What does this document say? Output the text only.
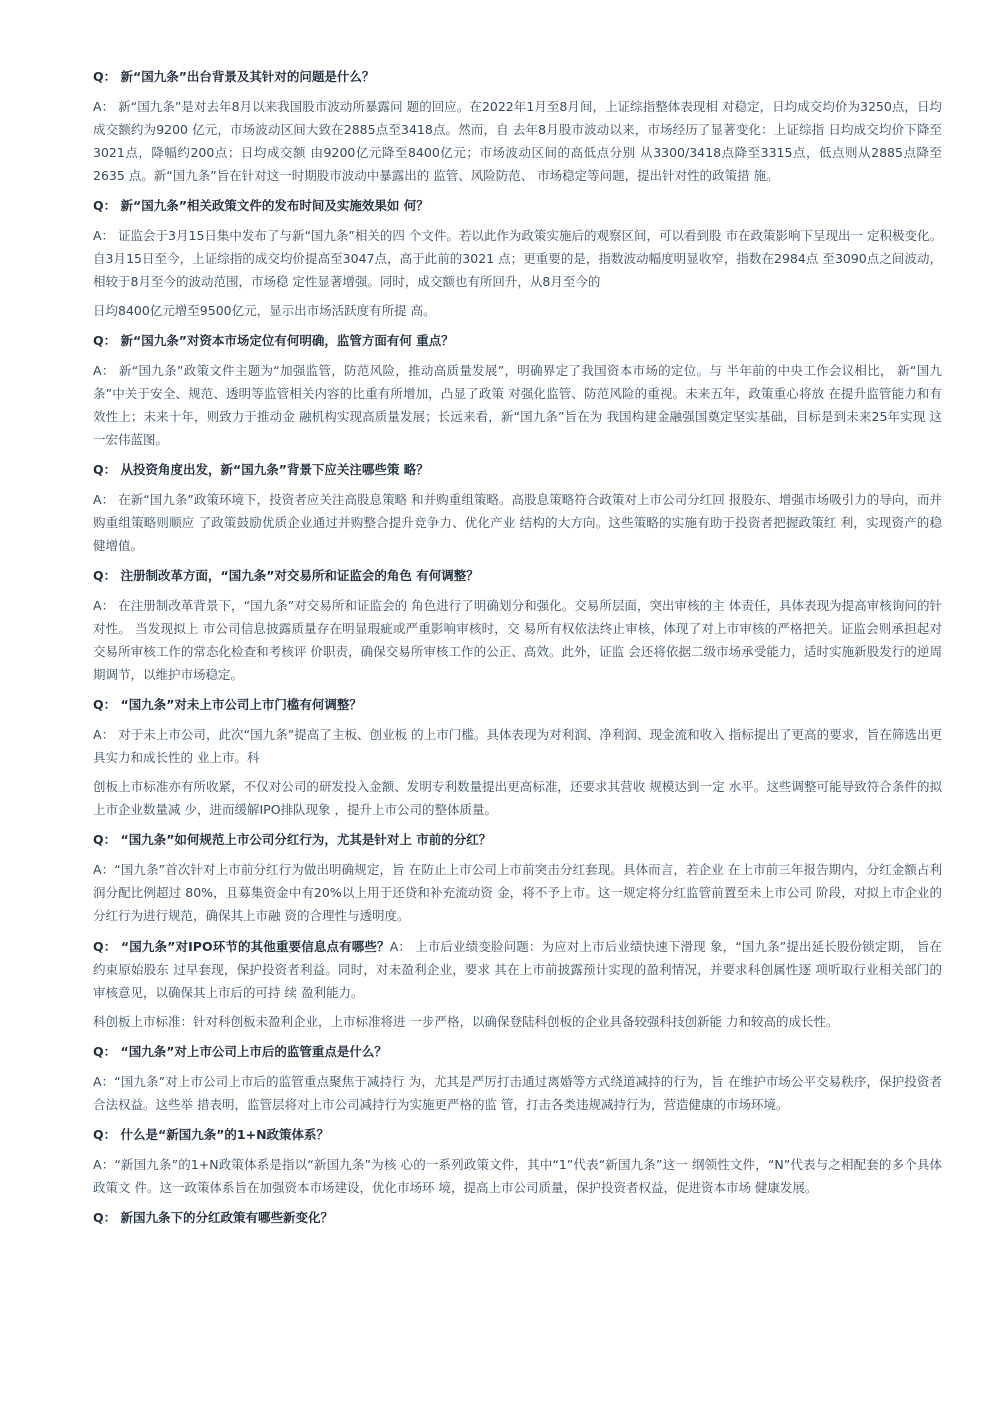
Q： 新“国九条”出台背景及其针对的问题是什么？
A： 新“国九条”是对去年8月以来我国股市波动所暴露问 题的回应。在2022年1月至8月间，上证综指整体表现相 对稳定，日均成交均价为3250点，日均成交额约为9200 亿元，市场波动区间大致在2885点至3418点。然而，自 去年8月股市波动以来，市场经历了显著变化：上证综指 日均成交均价下降至3021点，降幅约200点；日均成交额 由9200亿元降至8400亿元；市场波动区间的高低点分别 从3300/3418点降至3315点，低点则从2885点降至2635 点。新“国九条”旨在针对这一时期股市波动中暴露出的 监管、风险防范、 市场稳定等问题，提出针对性的政策措 施。
Q： 新“国九条”相关政策文件的发布时间及实施效果如 何？
A： 证监会于3月15日集中发布了与新“国九条”相关的四 个文件。若以此作为政策实施后的观察区间，可以看到股 市在政策影响下呈现出一 定积极变化。自3月15日至今，上证综指的成交均价提高至3047点，高于此前的3021 点；更重要的是，指数波动幅度明显收窄，指数在2984点 至3090点之间波动，相较于8月至今的波动范围，市场稳 定性显著增强。同时，成交额也有所回升，从8月至今的
日均8400亿元增至9500亿元，显示出市场活跃度有所提 高。
Q： 新“国九条”对资本市场定位有何明确，监管方面有何 重点？
A： 新“国九条”政策文件主题为“加强监管，防范风险，推动高质量发展”，明确界定了我国资本市场的定位。与 半年前的中央工作会议相比， 新“国九条”中关于安全、规范、透明等监管相关内容的比重有所增加，凸显了政策 对强化监管、防范风险的重视。未来五年，政策重心将放 在提升监管能力和有效性上；未来十年，则致力于推动金 融机构实现高质量发展；长远来看，新“国九条”旨在为 我国构建金融强国奠定坚实基础，目标是到未来25年实现 这一宏伟蓝图。
Q： 从投资角度出发，新“国九条”背景下应关注哪些策 略？
A： 在新“国九条”政策环境下，投资者应关注高股息策略 和并购重组策略。高股息策略符合政策对上市公司分红回 报股东、增强市场吸引力的导向，而并购重组策略则顺应 了政策鼓励优质企业通过并购整合提升竞争力、优化产业 结构的大方向。这些策略的实施有助于投资者把握政策红 利，实现资产的稳健增值。
Q： 注册制改革方面，“国九条”对交易所和证监会的角色 有何调整？
A： 在注册制改革背景下，“国九条”对交易所和证监会的 角色进行了明确划分和强化。交易所层面，突出审核的主 体责任，具体表现为提高审核询问的针对性。 当发现拟上 市公司信息披露质量存在明显瑕疵或严重影响审核时，交 易所有权依法终止审核，体现了对上市审核的严格把关。证监会则承担起对交易所审核工作的常态化检查和考核评 价职责，确保交易所审核工作的公正、高效。此外，证监 会还将依据二级市场承受能力，适时实施新股发行的逆周 期调节，以维护市场稳定。
Q： “国九条”对未上市公司上市门槛有何调整？
A： 对于未上市公司，此次“国九条”提高了主板、创业板 的上市门槛。具体表现为对利润、净利润、现金流和收入 指标提出了更高的要求，旨在筛选出更具实力和成长性的 业上市。科
创板上市标准亦有所收紧，不仅对公司的研发投入金额、发明专利数量提出更高标准，还要求其营收 规模达到一定 水平。这些调整可能导致符合条件的拟上市企业数量减 少，进而缓解IPO排队现象 ，提升上市公司的整体质量。
Q： “国九条”如何规范上市公司分红行为，尤其是针对上 市前的分红？
A：“国九条”首次针对上市前分红行为做出明确规定，旨 在防止上市公司上市前突击分红套现。具体而言，若企业 在上市前三年报告期内，分红金额占利润分配比例超过 80%，且募集资金中有20%以上用于还贷和补充流动资 金，将不予上市。这一规定将分红监管前置至未上市公司 阶段，对拟上市企业的分红行为进行规范，确保其上市融 资的合理性与透明度。
Q： “国九条”对IPO环节的其他重要信息点有哪些？A： 上市后业绩变脸问题：为应对上市后业绩快速下滑现 象，“国九条”提出延长股份锁定期， 旨在约束原始股东 过早套现，保护投资者利益。同时，对未盈利企业，要求 其在上市前披露预计实现的盈利情况，并要求科创属性逐 项听取行业相关部门的审核意见，以确保其上市后的可持 续 盈利能力。
科创板上市标准：针对科创板未盈利企业，上市标准将进 一步严格，以确保登陆科创板的企业具备较强科技创新能 力和较高的成长性。
Q： “国九条”对上市公司上市后的监管重点是什么？
A：“国九条”对上市公司上市后的监管重点聚焦于减持行 为，尤其是严厉打击通过离婚等方式绕道减持的行为，旨 在维护市场公平交易秩序，保护投资者合法权益。这些举 措表明，监管层将对上市公司减持行为实施更严格的监 管，打击各类违规减持行为，营造健康的市场环境。
Q： 什么是“新国九条”的1+N政策体系？
A：“新国九条”的1+N政策体系是指以“新国九条”为核 心的一系列政策文件，其中“1”代表“新国九条”这一 纲领性文件，“N”代表与之相配套的多个具体政策文 件。这一政策体系旨在加强资本市场建设，优化市场环 境，提高上市公司质量，保护投资者权益，促进资本市场 健康发展。
Q： 新国九条下的分红政策有哪些新变化？
